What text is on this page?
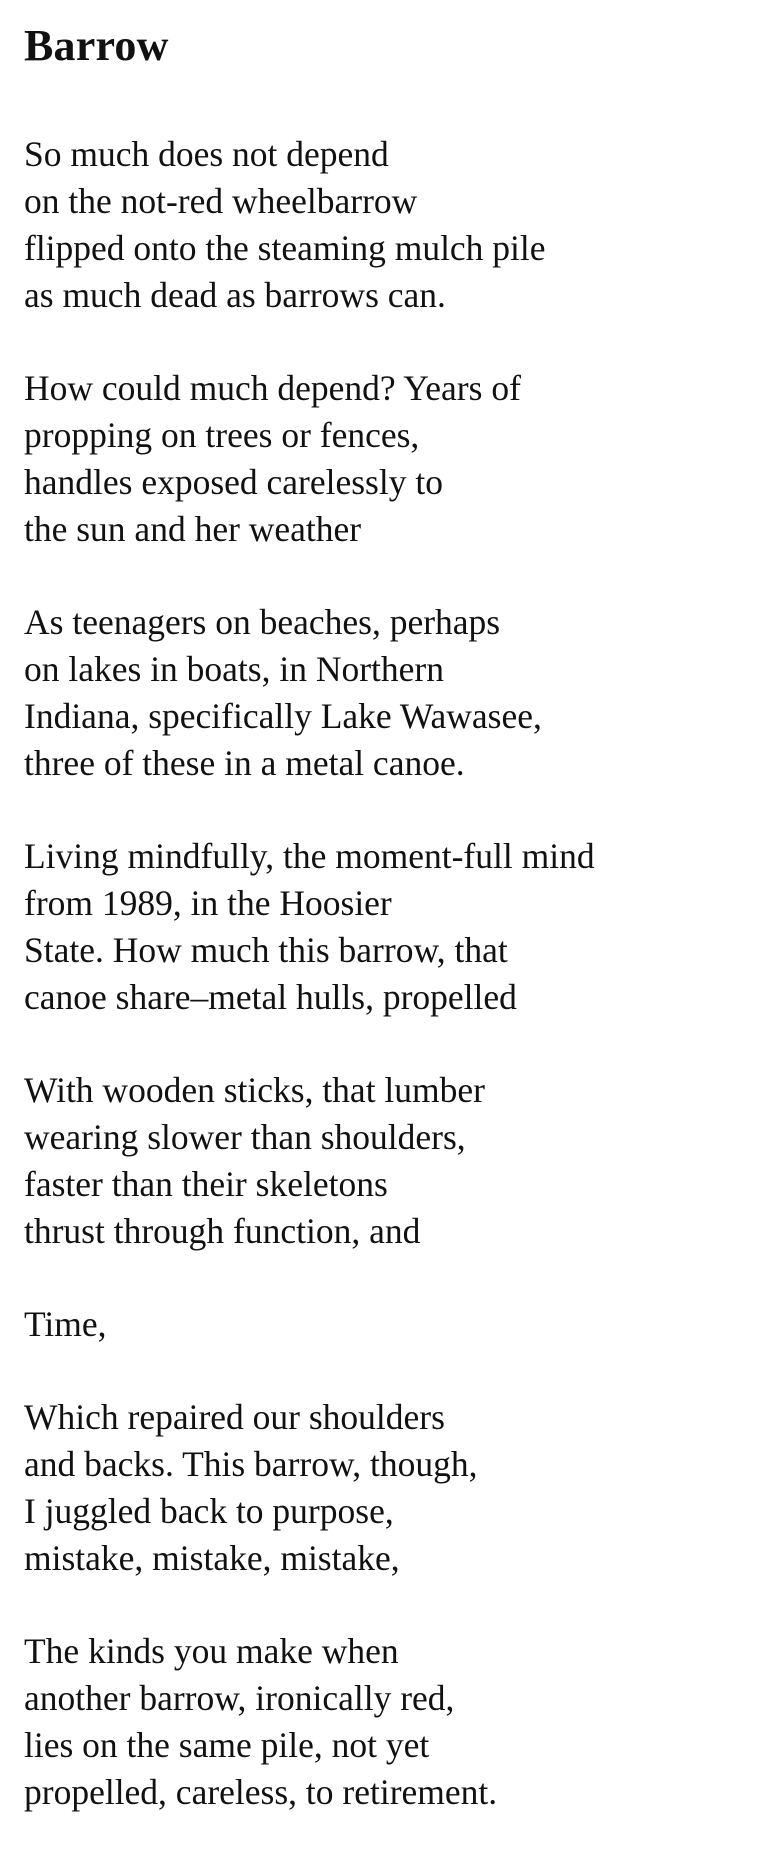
Barrow
So much does not depend
on the not-red wheelbarrow
flipped onto the steaming mulch pile
as much dead as barrows can.
How could much depend? Years of
propping on trees or fences,
handles exposed carelessly to
the sun and her weather
As teenagers on beaches, perhaps
on lakes in boats, in Northern
Indiana, specifically Lake Wawasee,
three of these in a metal canoe.
Living mindfully, the moment-full mind
from 1989, in the Hoosier
State. How much this barrow, that
canoe share–metal hulls, propelled
With wooden sticks, that lumber
wearing slower than shoulders,
faster than their skeletons
thrust through function, and
Time,
Which repaired our shoulders
and backs. This barrow, though,
I juggled back to purpose,
mistake, mistake, mistake,
The kinds you make when
another barrow, ironically red,
lies on the same pile, not yet
propelled, careless, to retirement.
